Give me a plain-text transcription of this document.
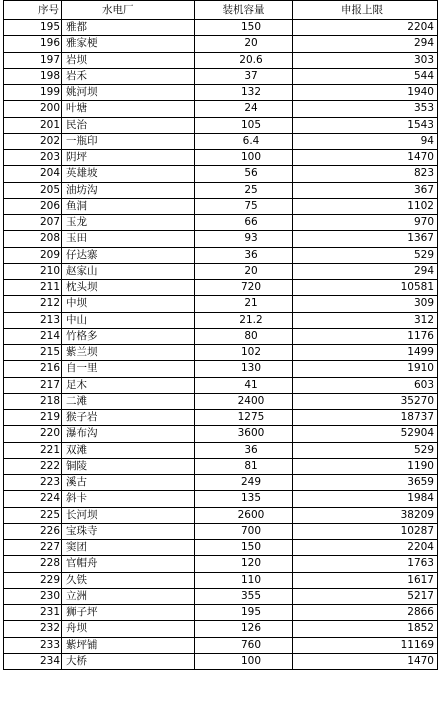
序号	水电厂	装机容量	申报上限
195	雅都	150	2204
196	雅家梗	20	294
197	岩坝	20.6	303
198	岩禾	37	544
199	姚河坝	132	1940
200	叶塘	24	353
201	民治	105	1543
202	一瓶印	6.4	94
203	阴坪	100	1470
204	英雄坡	56	823
205	油坊沟	25	367
206	鱼洞	75	1102
207	玉龙	66	970
208	玉田	93	1367
209	仔达寨	36	529
210	赵家山	20	294
211	枕头坝	720	10581
212	中坝	21	309
213	中山	21.2	312
214	竹格多	80	1176
215	紫兰坝	102	1499
216	自一里	130	1910
217	足木	41	603
218	二滩	2400	35270
219	猴子岩	1275	18737
220	瀑布沟	3600	52904
221	双滩	36	529
222	铜陵	81	1190
223	溪古	249	3659
224	斜卡	135	1984
225	长河坝	2600	38209
226	宝珠寺	700	10287
227	窦团	150	2204
228	官帽舟	120	1763
229	久铁	110	1617
230	立洲	355	5217
231	狮子坪	195	2866
232	舟坝	126	1852
233	紫坪铺	760	11169
234	大桥	100	1470
